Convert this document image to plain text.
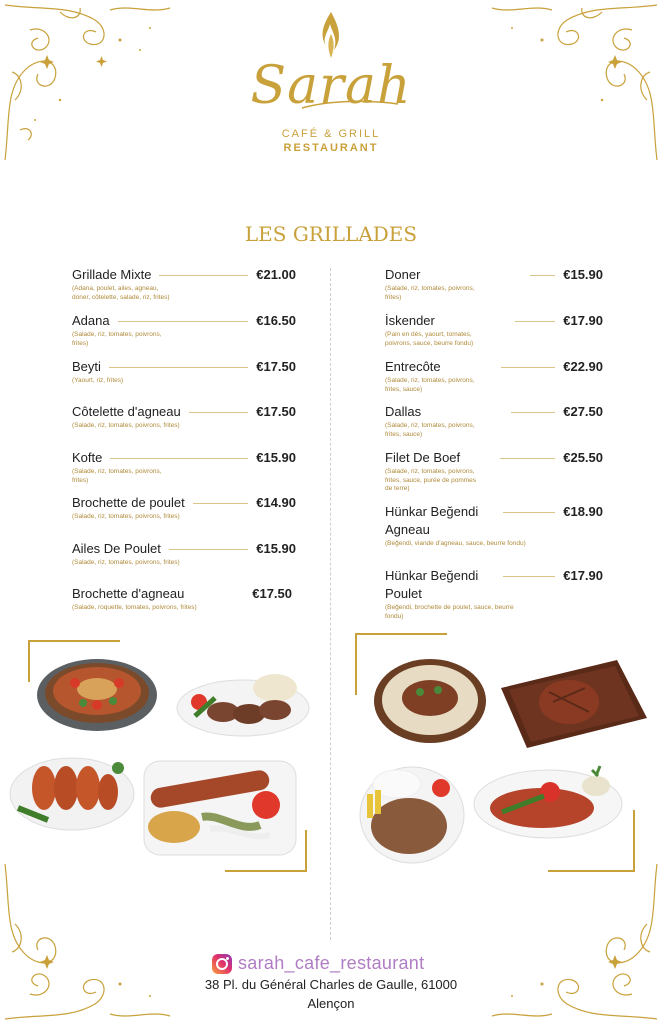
Sarah
CAFÉ & GRILL
RESTAURANT
LES GRILLADES
Grillade Mixte	€21.00
(Adana, poulet, ailes, agneau, doner, côtelette, salade, riz, frites)
Adana	€16.50
(Salade, riz, tomates, poivrons, frites)
Beyti	€17.50
(Yaourt, riz, frites)
Côtelette d'agneau	€17.50
(Salade, riz, tomates, poivrons, frites)
Kofte	€15.90
(Salade, riz, tomates, poivrons, frites)
Brochette de poulet	€14.90
(Salade, riz, tomates, poivrons, frites)
Ailes De Poulet	€15.90
(Salade, riz, tomates, poivrons, frites)
Brochette d'agneau	€17.50
(Salade, roquette, tomates, poivrons, frites)
Doner	€15.90
(Salade, riz, tomates, poivrons, frites)
İskender	€17.90
(Pain en dés, yaourt, tomates, poivrons, sauce, beurre fondu)
Entrecôte	€22.90
(Salade, riz, tomates, poivrons, frites, sauce)
Dallas	€27.50
(Salade, riz, tomates, poivrons, frites, sauce)
Filet De Boef	€25.50
(Salade, riz, tomates, poivrons, frites, sauce, purée de pommes de terre)
Hünkar Beğendi Agneau
€18.90
(Beğendi, viande d'agneau, sauce, beurre fondu)
Hünkar Beğendi Poulet
€17.90
(Beğendi, brochette de poulet, sauce, beurre fondu)
sarah_cafe_restaurant
38 Pl. du Général Charles de Gaulle, 61000
Alençon
